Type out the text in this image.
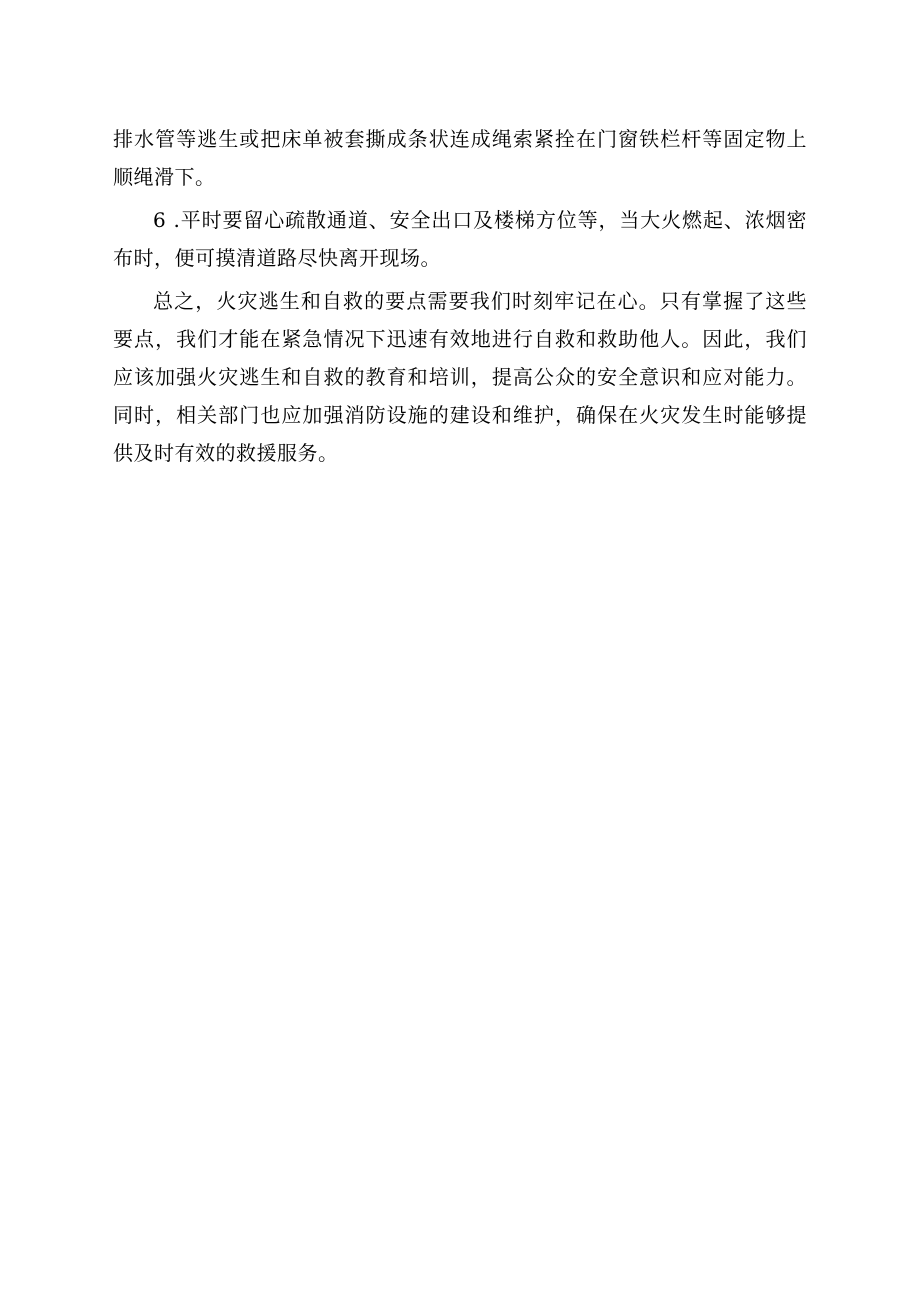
排水管等逃生或把床单被套撕成条状连成绳索紧拴在门窗铁栏杆等固定物上顺绳滑下。

6 .平时要留心疏散通道、安全出口及楼梯方位等，当大火燃起、浓烟密布时，便可摸清道路尽快离开现场。

总之，火灾逃生和自救的要点需要我们时刻牢记在心。只有掌握了这些要点，我们才能在紧急情况下迅速有效地进行自救和救助他人。因此，我们应该加强火灾逃生和自救的教育和培训，提高公众的安全意识和应对能力。同时，相关部门也应加强消防设施的建设和维护，确保在火灾发生时能够提供及时有效的救援服务。
